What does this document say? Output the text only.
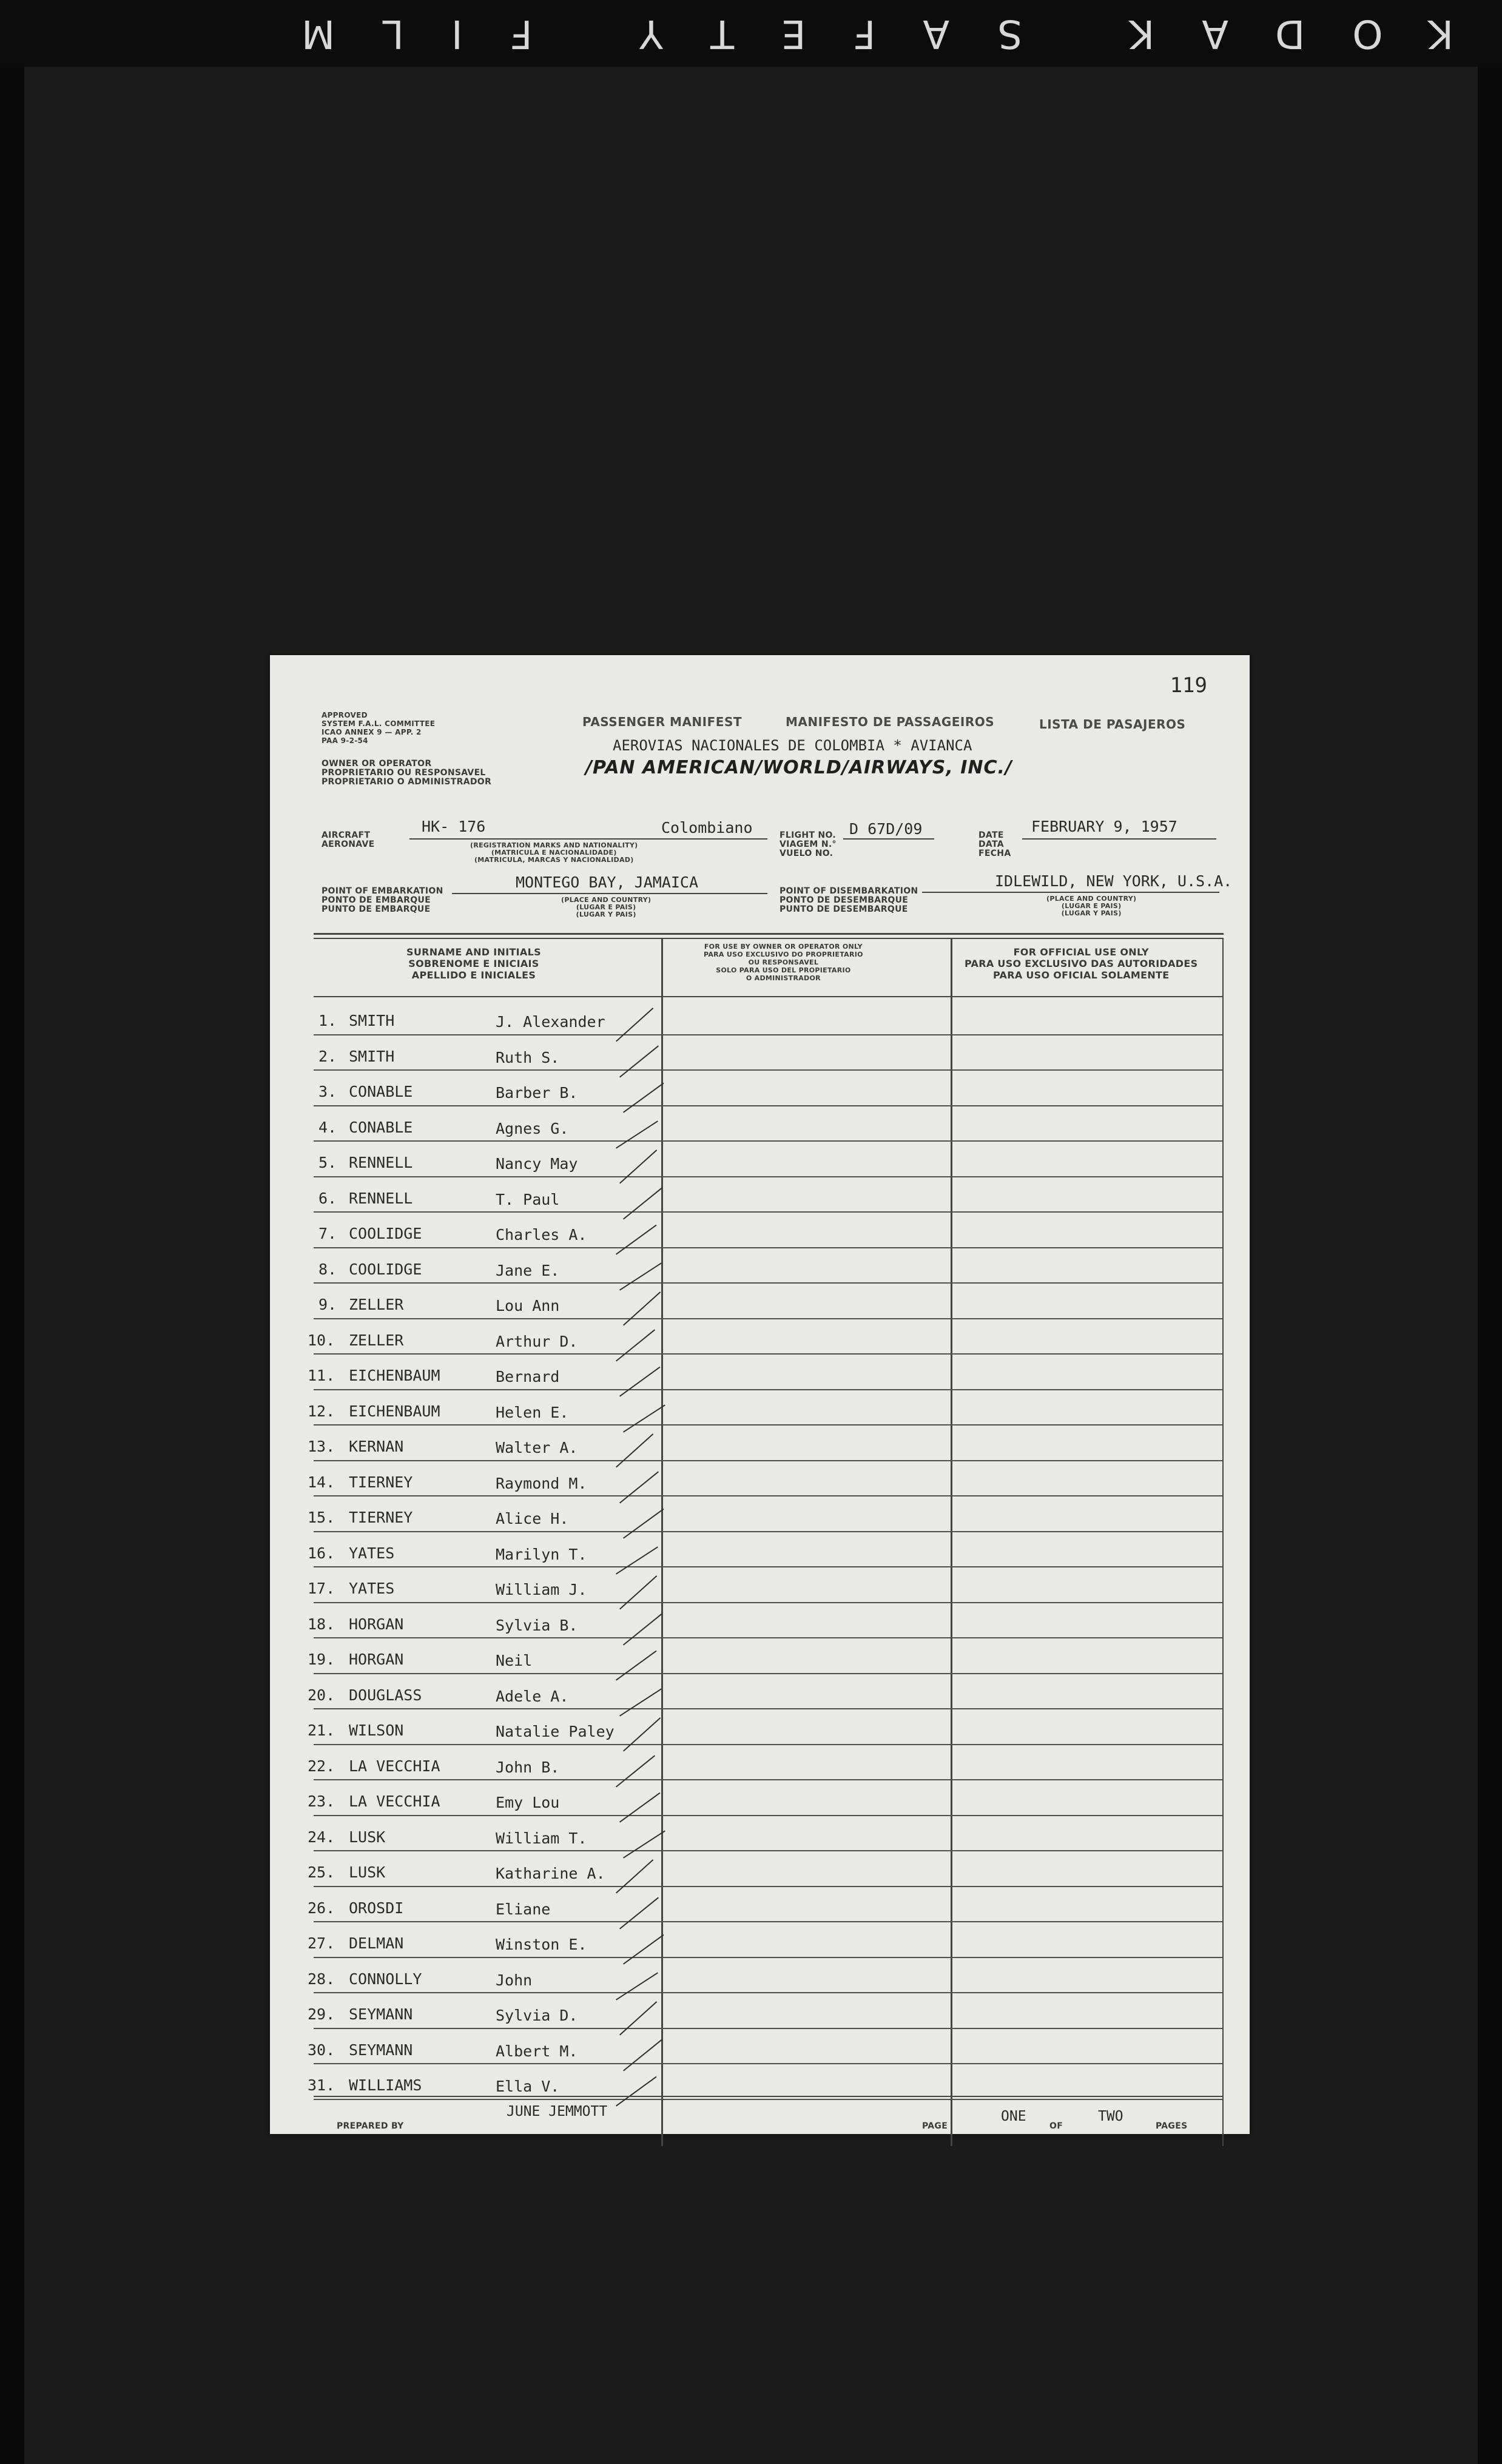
KODAK SAFETY FILM
119
APPROVED
SYSTEM F.A.L. COMMITTEE
ICAO ANNEX 9 — APP. 2
PAA 9-2-54
OWNER OR OPERATOR
PROPRIETARIO OU RESPONSAVEL
PROPRIETARIO O ADMINISTRADOR
PASSENGER MANIFEST	MANIFESTO DE PASSAGEIROS	LISTA DE PASAJEROS
AEROVIAS NACIONALES DE COLOMBIA * AVIANCA
/PAN AMERICAN/WORLD/AIRWAYS, INC./
AIRCRAFT
AERONAVE
HK- 176	Colombiano
(REGISTRATION MARKS AND NATIONALITY)
(MATRICULA E NACIONALIDADE)
(MATRICULA, MARCAS Y NACIONALIDAD)
FLIGHT NO.
VIAGEM N.°
VUELO NO.
D 67D/09	DATE
DATA
FECHA
FEBRUARY 9, 1957
POINT OF EMBARKATION
PONTO DE EMBARQUE
PUNTO DE EMBARQUE
MONTEGO BAY, JAMAICA
(PLACE AND COUNTRY)
(LUGAR E PAIS)
(LUGAR Y PAIS)
POINT OF DISEMBARKATION
PONTO DE DESEMBARQUE
PUNTO DE DESEMBARQUE
IDLEWILD, NEW YORK, U.S.A.
(PLACE AND COUNTRY)
(LUGAR E PAIS)
(LUGAR Y PAIS)
SURNAME AND INITIALS
SOBRENOME E INICIAIS
APELLIDO E INICIALES
FOR USE BY OWNER OR OPERATOR ONLY
PARA USO EXCLUSIVO DO PROPRIETARIO
OU RESPONSAVEL
SOLO PARA USO DEL PROPIETARIO
O ADMINISTRADOR
FOR OFFICIAL USE ONLY
PARA USO EXCLUSIVO DAS AUTORIDADES
PARA USO OFICIAL SOLAMENTE
1. SMITH	J. Alexander
2. SMITH	Ruth S.
3. CONABLE	Barber B.
4. CONABLE	Agnes G.
5. RENNELL	Nancy May
6. RENNELL	T. Paul
7. COOLIDGE	Charles A.
8. COOLIDGE	Jane E.
9. ZELLER	Lou Ann
10. ZELLER	Arthur D.
11. EICHENBAUM	Bernard
12. EICHENBAUM	Helen E.
13. KERNAN	Walter A.
14. TIERNEY	Raymond M.
15. TIERNEY	Alice H.
16. YATES	Marilyn T.
17. YATES	William J.
18. HORGAN	Sylvia B.
19. HORGAN	Neil
20. DOUGLASS	Adele A.
21. WILSON	Natalie Paley
22. LA VECCHIA	John B.
23. LA VECCHIA	Emy Lou
24. LUSK	William T.
25. LUSK	Katharine A.
26. OROSDI	Eliane
27. DELMAN	Winston E.
28. CONNOLLY	John
29. SEYMANN	Sylvia D.
30. SEYMANN	Albert M.
31. WILLIAMS	Ella V.
JUNE JEMMOTT
PREPARED BY
ONE	TWO
PAGE	OF	PAGES
